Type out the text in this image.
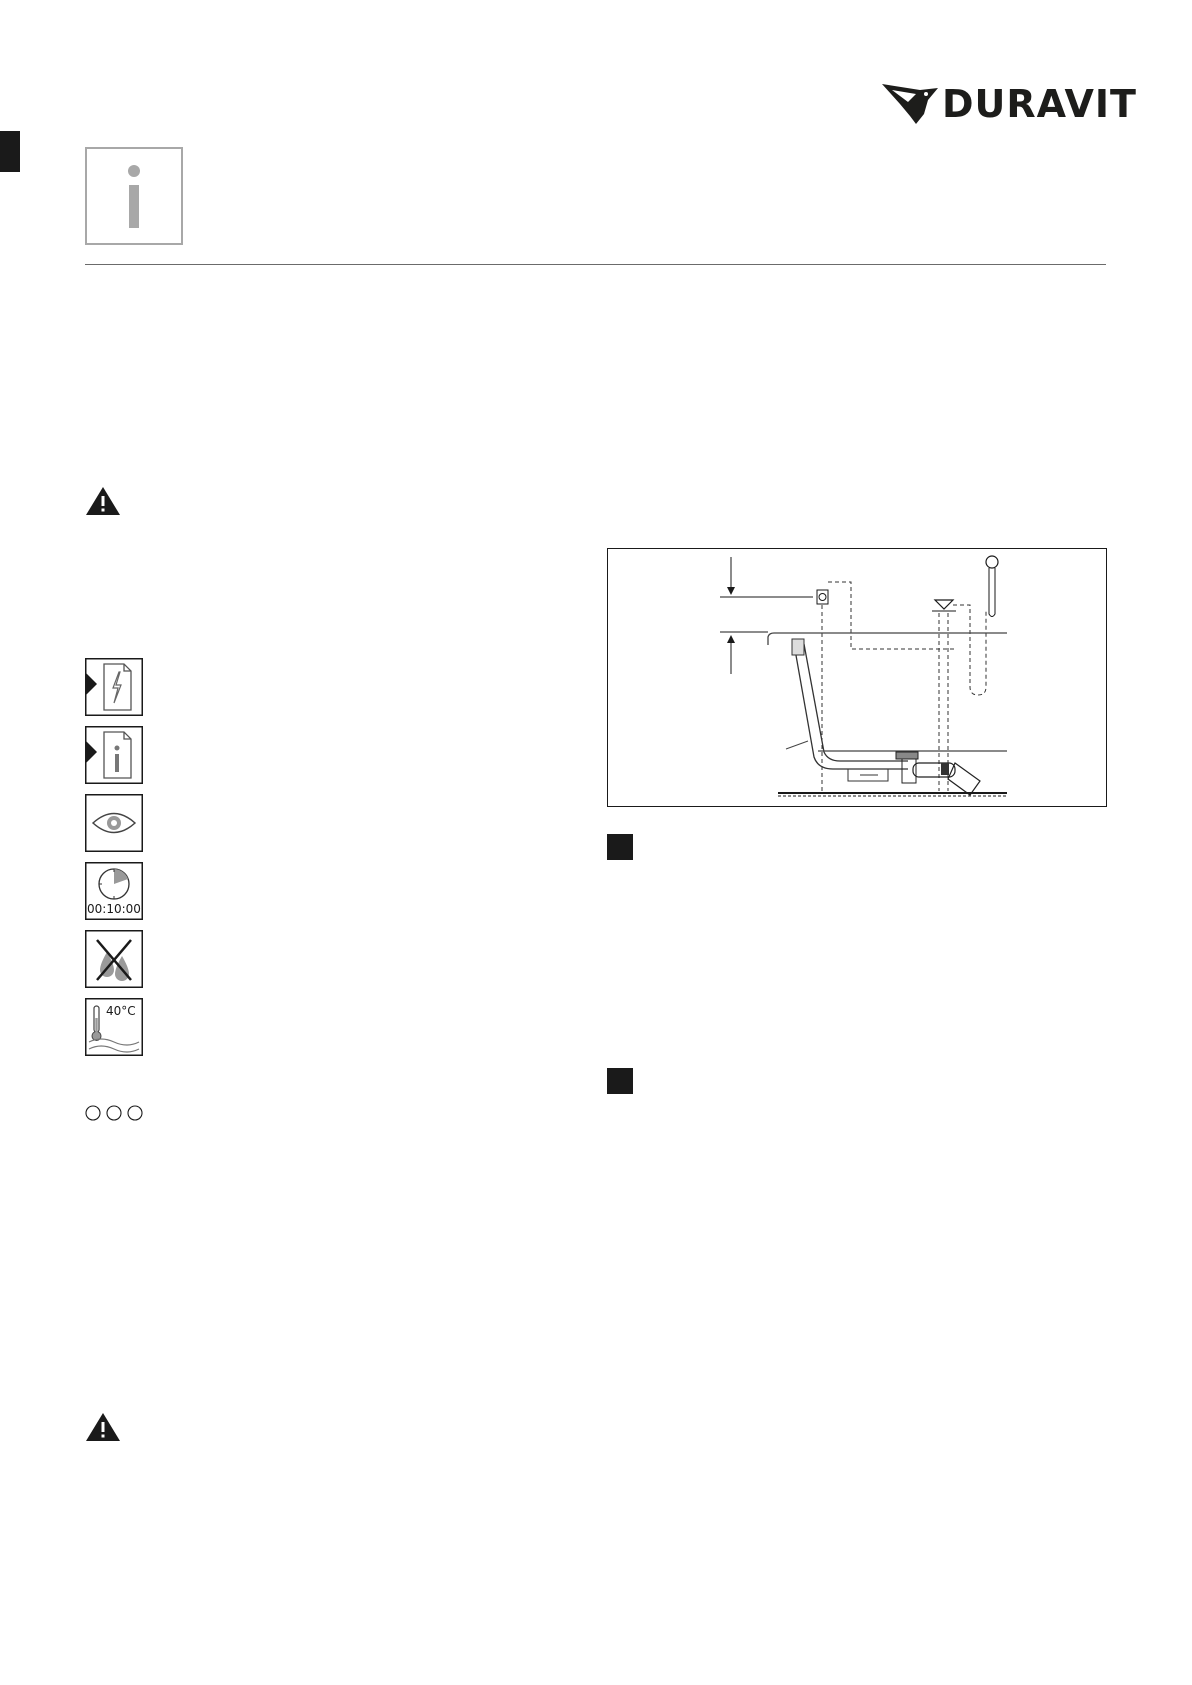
DURAVIT
00:10:00
40°C
